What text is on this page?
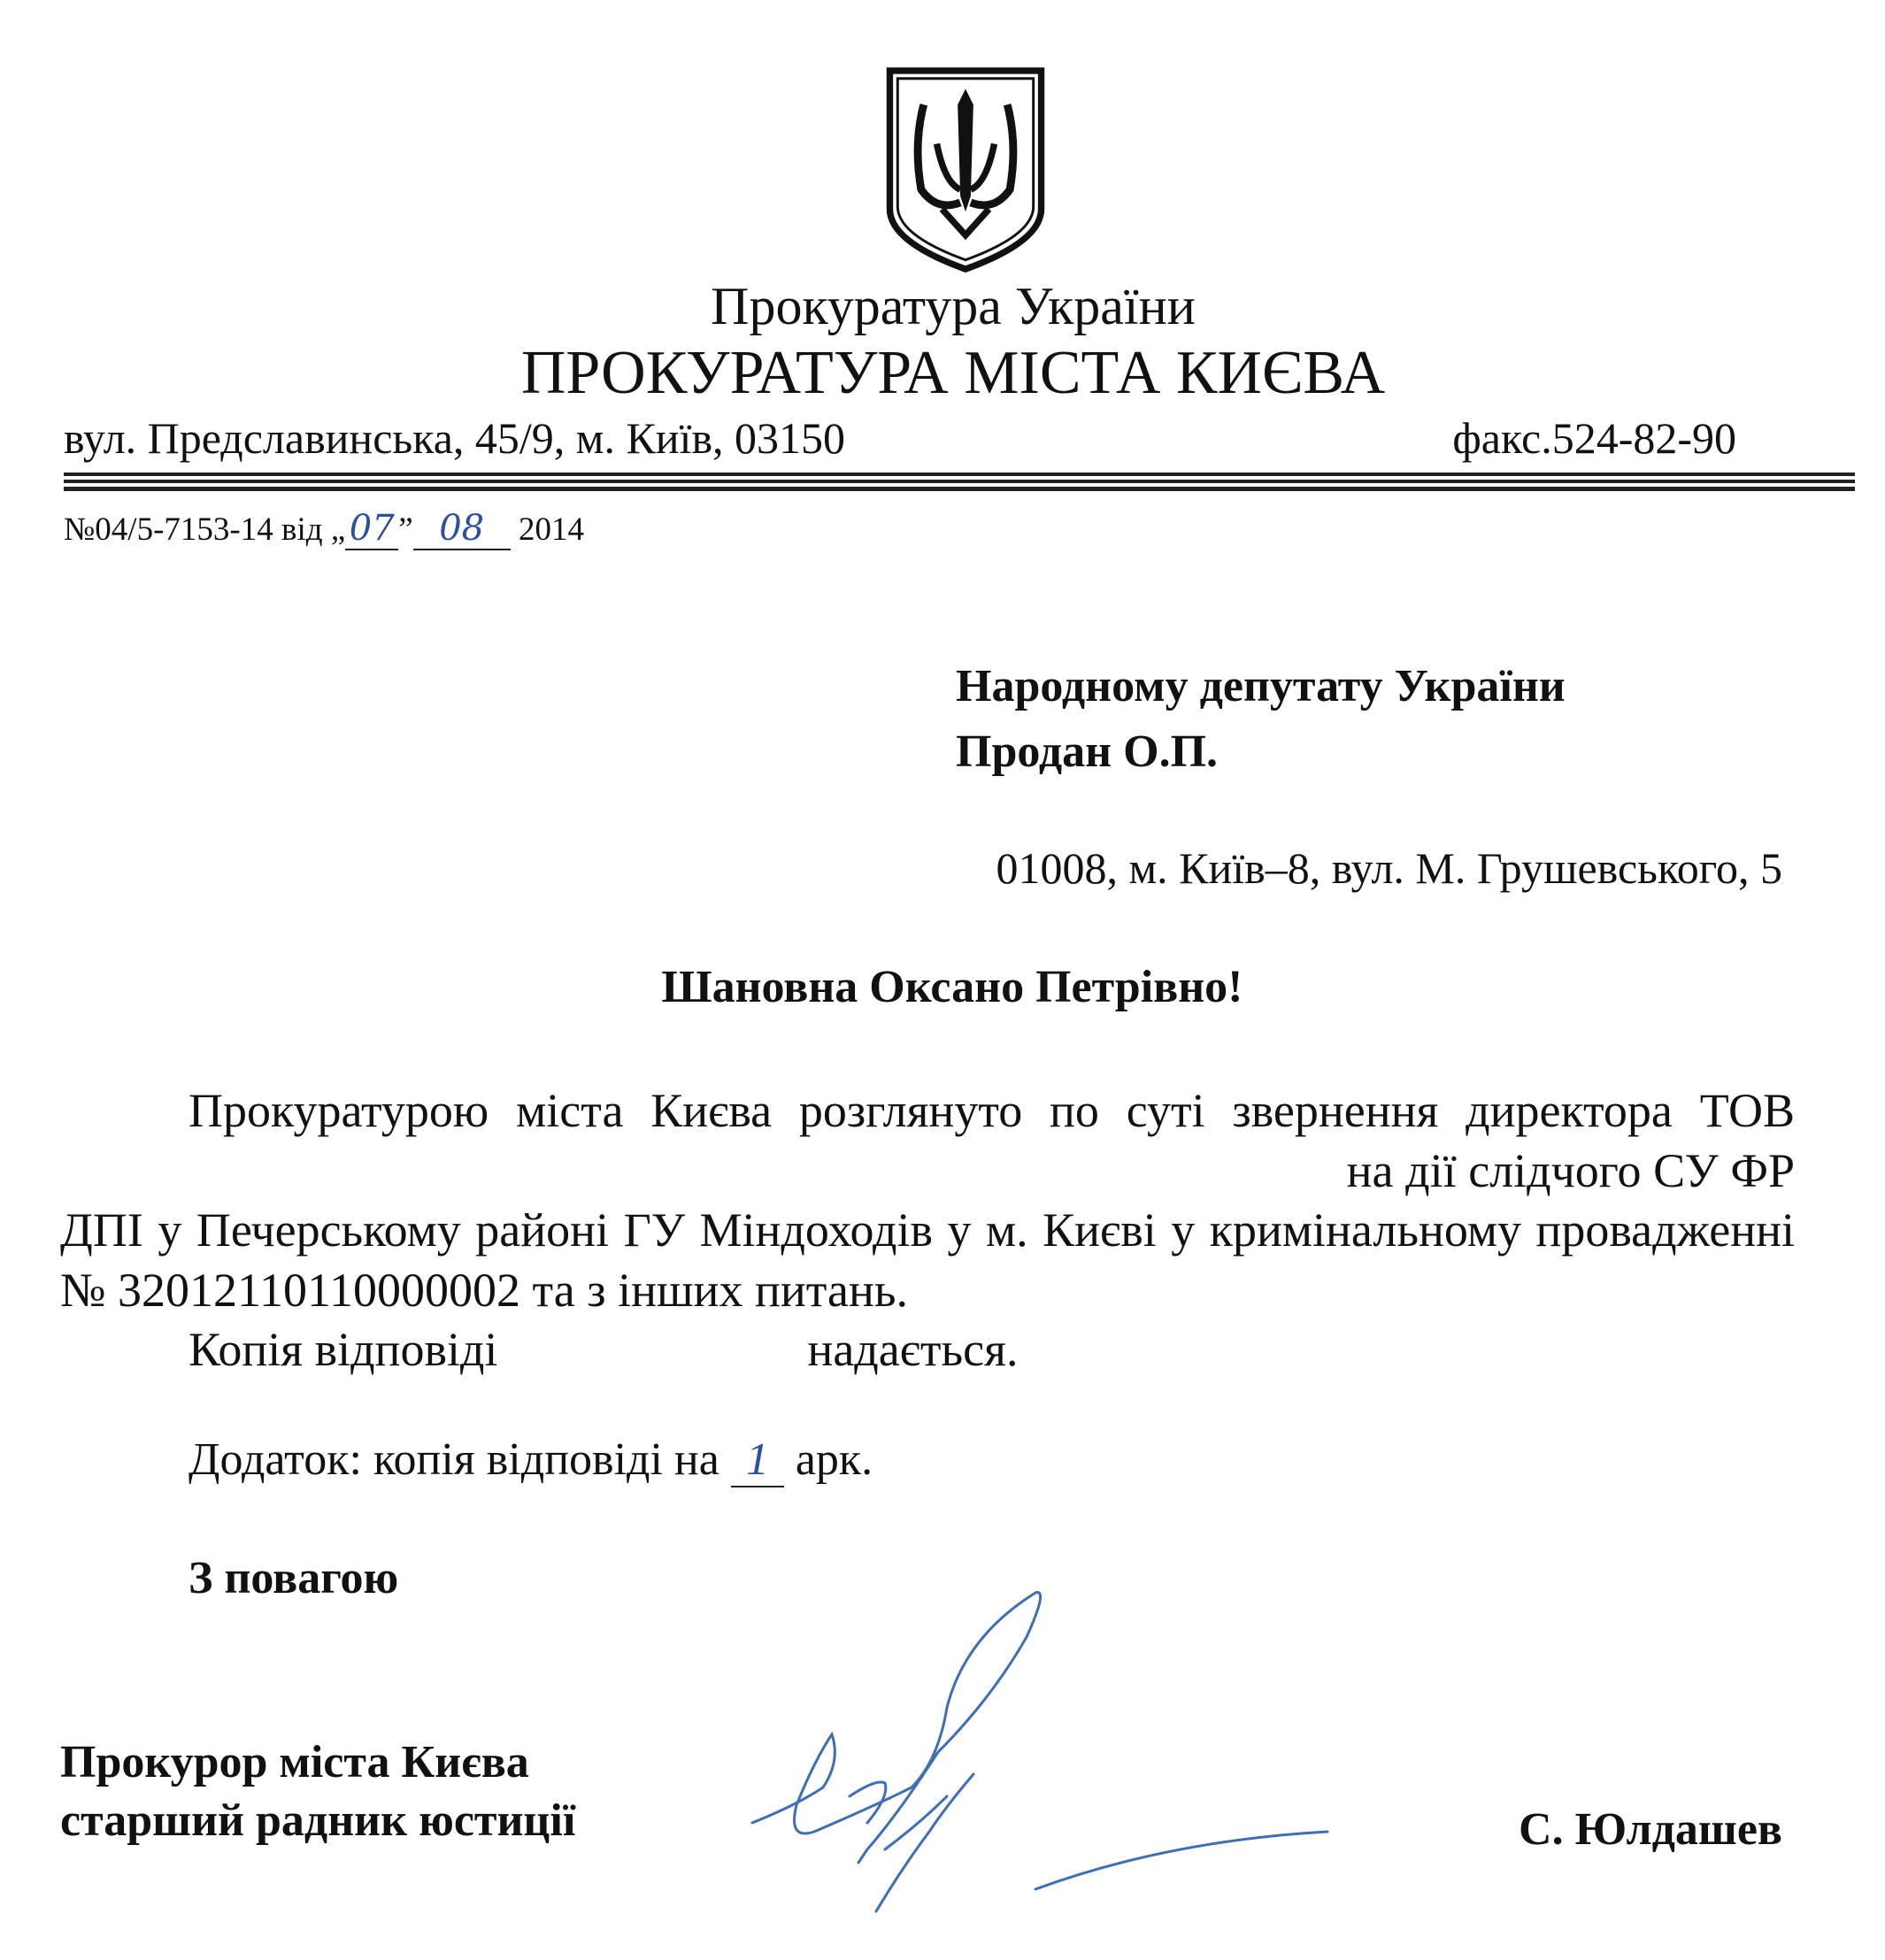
Прокуратура України
ПРОКУРАТУРА МІСТА КИЄВА
вул. Предславинська, 45/9, м. Київ, 03150	факс.524-82-90
№04/5-7153-14 від „ 07 ” 08 2014
Народному депутату України
Продан О.П.
01008, м. Київ–8, вул. М. Грушевського, 5
Шановна Оксано Петрівно!

Прокуратурою міста Києва розглянуто по суті звернення директора ТОВ на дії слідчого СУ ФР ДПІ у Печерському районі ГУ Міндоходів у м. Києві у кримінальному провадженні № 32012110110000002 та з інших питань.

Копія відповіді	надається.

Додаток: копія відповіді на 1 арк.
З повагою
Прокурор міста Києва
старший радник юстиції	С. Юлдашев
